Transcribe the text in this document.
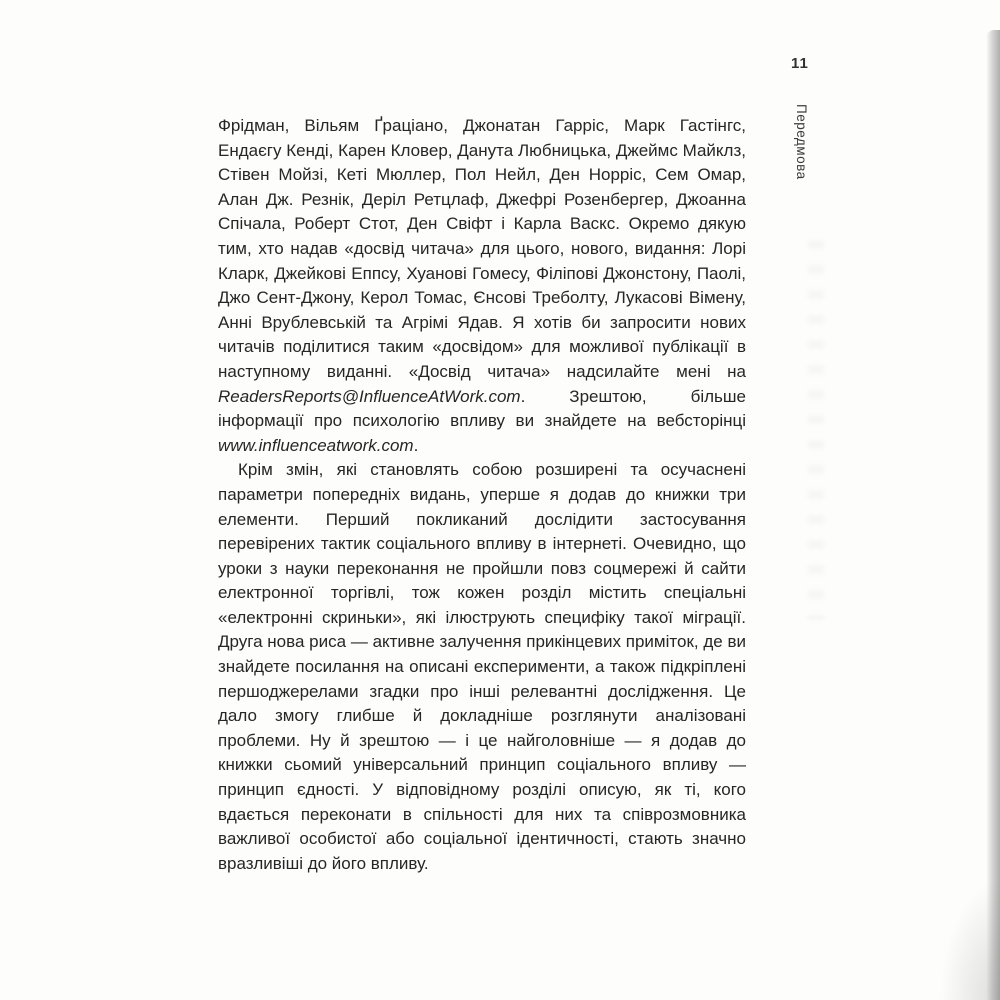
11
Передмова

Фрідман, Вільям Ґраціано, Джонатан Гарріс, Марк Гастінгс, Ендаєгу Кенді, Карен Кловер, Данута Любницька, Джеймс Майклз, Стівен Мойзі, Кеті Мюллер, Пол Нейл, Ден Норріс, Сем Омар, Алан Дж. Резнік, Деріл Ретцлаф, Джефрі Розенбергер, Джоанна Спічала, Роберт Стот, Ден Свіфт і Карла Васкс. Окремо дякую тим, хто надав «досвід читача» для цього, нового, видання: Лорі Кларк, Джейкові Еппсу, Хуанові Гомесу, Філіпові Джонстону, Паолі, Джо Сент-Джону, Керол Томас, Єнсові Треболту, Лукасові Вімену, Анні Врублевській та Агрімі Ядав. Я хотів би запросити нових читачів поділитися таким «досвідом» для можливої публікації в наступному виданні. «Досвід читача» надсилайте мені на ReadersReports@InfluenceAtWork.com. Зрештою, більше інформації про психологію впливу ви знайдете на вебсторінці www.influenceatwork.com.

Крім змін, які становлять собою розширені та осучаснені параметри попередніх видань, уперше я додав до книжки три елементи. Перший покликаний дослідити застосування перевірених тактик соціального впливу в інтернеті. Очевидно, що уроки з науки переконання не пройшли повз соцмережі й сайти електронної торгівлі, тож кожен розділ містить спеціальні «електронні скриньки», які ілюструють специфіку такої міграції. Друга нова риса — активне залучення прикінцевих приміток, де ви знайдете посилання на описані експерименти, а також підкріплені першоджерелами згадки про інші релевантні дослідження. Це дало змогу глибше й докладніше розглянути аналізовані проблеми. Ну й зрештою — і це найголовніше — я додав до книжки сьомий універсальний принцип соціального впливу — принцип єдності. У відповідному розділі описую, як ті, кого вдається переконати в спільності для них та співрозмовника важливої особистої або соціальної ідентичності, стають значно вразливіші до його впливу.
